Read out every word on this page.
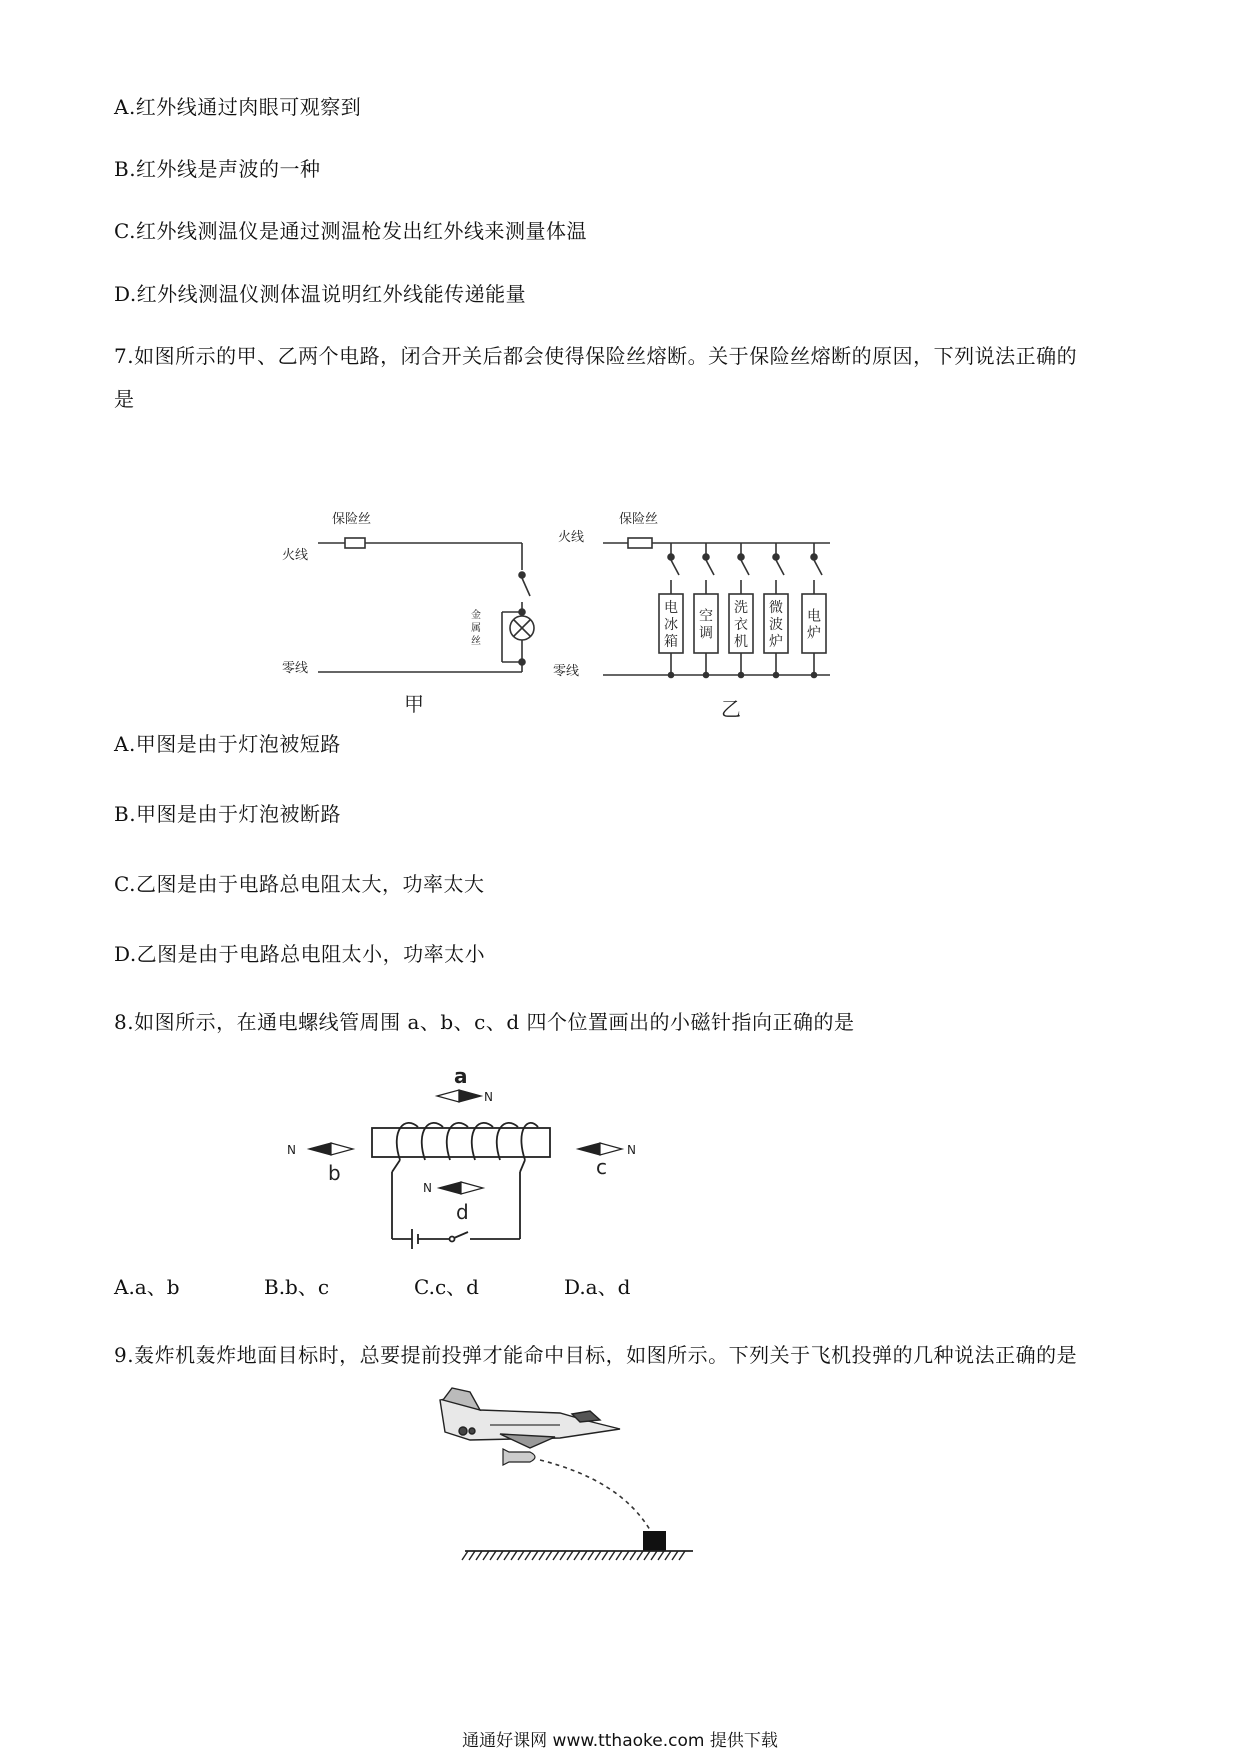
A.红外线通过肉眼可观察到
B.红外线是声波的一种
C.红外线测温仪是通过测温枪发出红外线来测量体温
D.红外线测温仪测体温说明红外线能传递能量
7.如图所示的甲、乙两个电路，闭合开关后都会使得保险丝熔断。关于保险丝熔断的原因，下列说法正确的
是
保险丝
火线
零线
金
属
丝
甲
电
冰
箱
空
调
洗
衣
机
微
波
炉
电
炉
保险丝
火线
零线
乙
A.甲图是由于灯泡被短路
B.甲图是由于灯泡被断路
C.乙图是由于电路总电阻太大，功率太大
D.乙图是由于电路总电阻太小，功率太小
8.如图所示，在通电螺线管周围 a、b、c、d 四个位置画出的小磁针指向正确的是
a
N
N
b
N
c
N
d
A.a、b	B.b、c	C.c、d	D.a、d
9.轰炸机轰炸地面目标时，总要提前投弹才能命中目标，如图所示。下列关于飞机投弹的几种说法正确的是
通通好课网 www.tthaoke.com 提供下载
